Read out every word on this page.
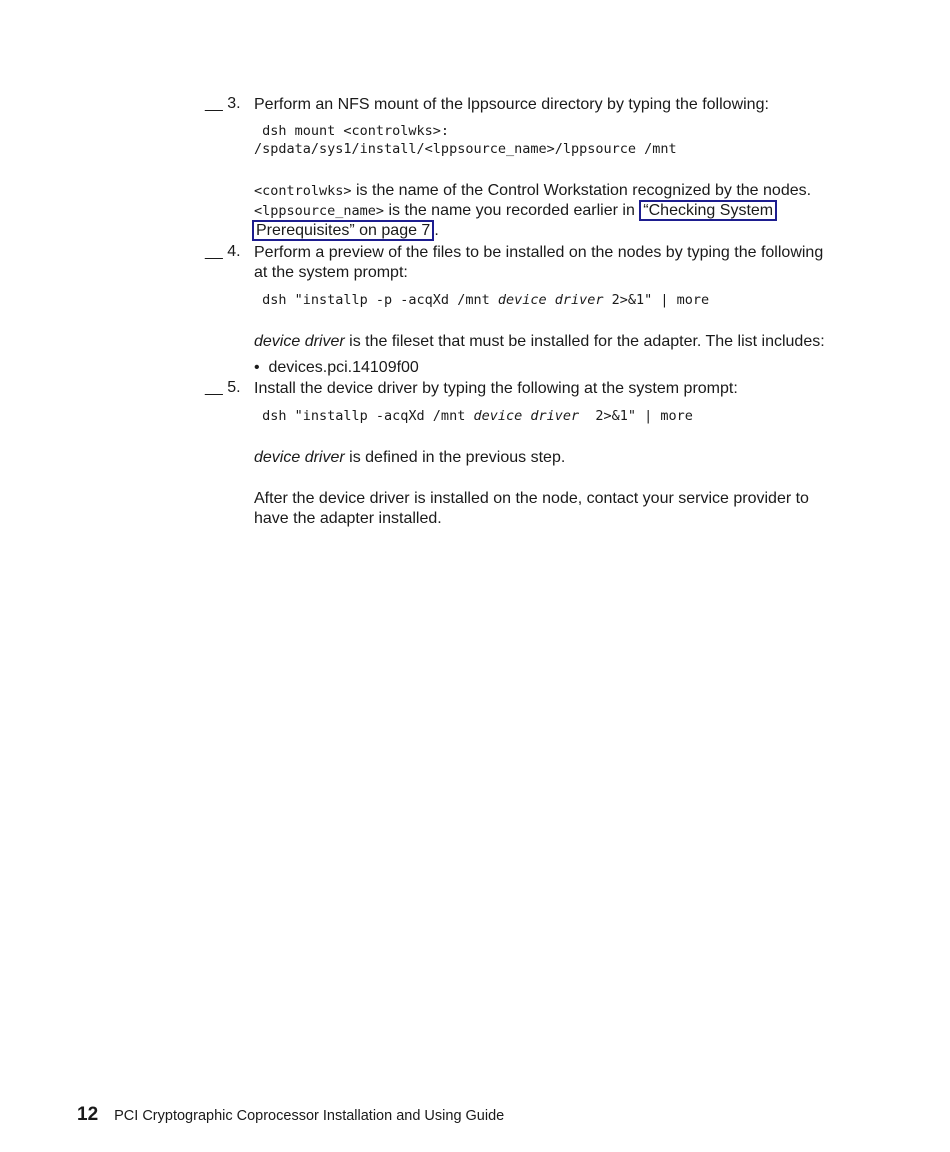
__ 3. Perform an NFS mount of the lppsource directory by typing the following:

dsh mount <controlwks>:

/spdata/sys1/install/<lppsource_name>/lppsource /mnt

<controlwks> is the name of the Control Workstation recognized by the nodes.

<lppsource_name> is the name you recorded earlier in “Checking System

Prerequisites” on page 7 .

__ 4. Perform a preview of the files to be installed on the nodes by typing the following

at the system prompt:

dsh "installp -p -acqXd /mnt device driver 2>&1" | more

device driver is the fileset that must be installed for the adapter. The list includes:

•  devices.pci.14109f00

__ 5. Install the device driver by typing the following at the system prompt:

dsh "installp -acqXd /mnt device driver  2>&1" | more

device driver is defined in the previous step.

After the device driver is installed on the node, contact your service provider to

have the adapter installed.

12 PCI Cryptographic Coprocessor Installation and Using Guide
